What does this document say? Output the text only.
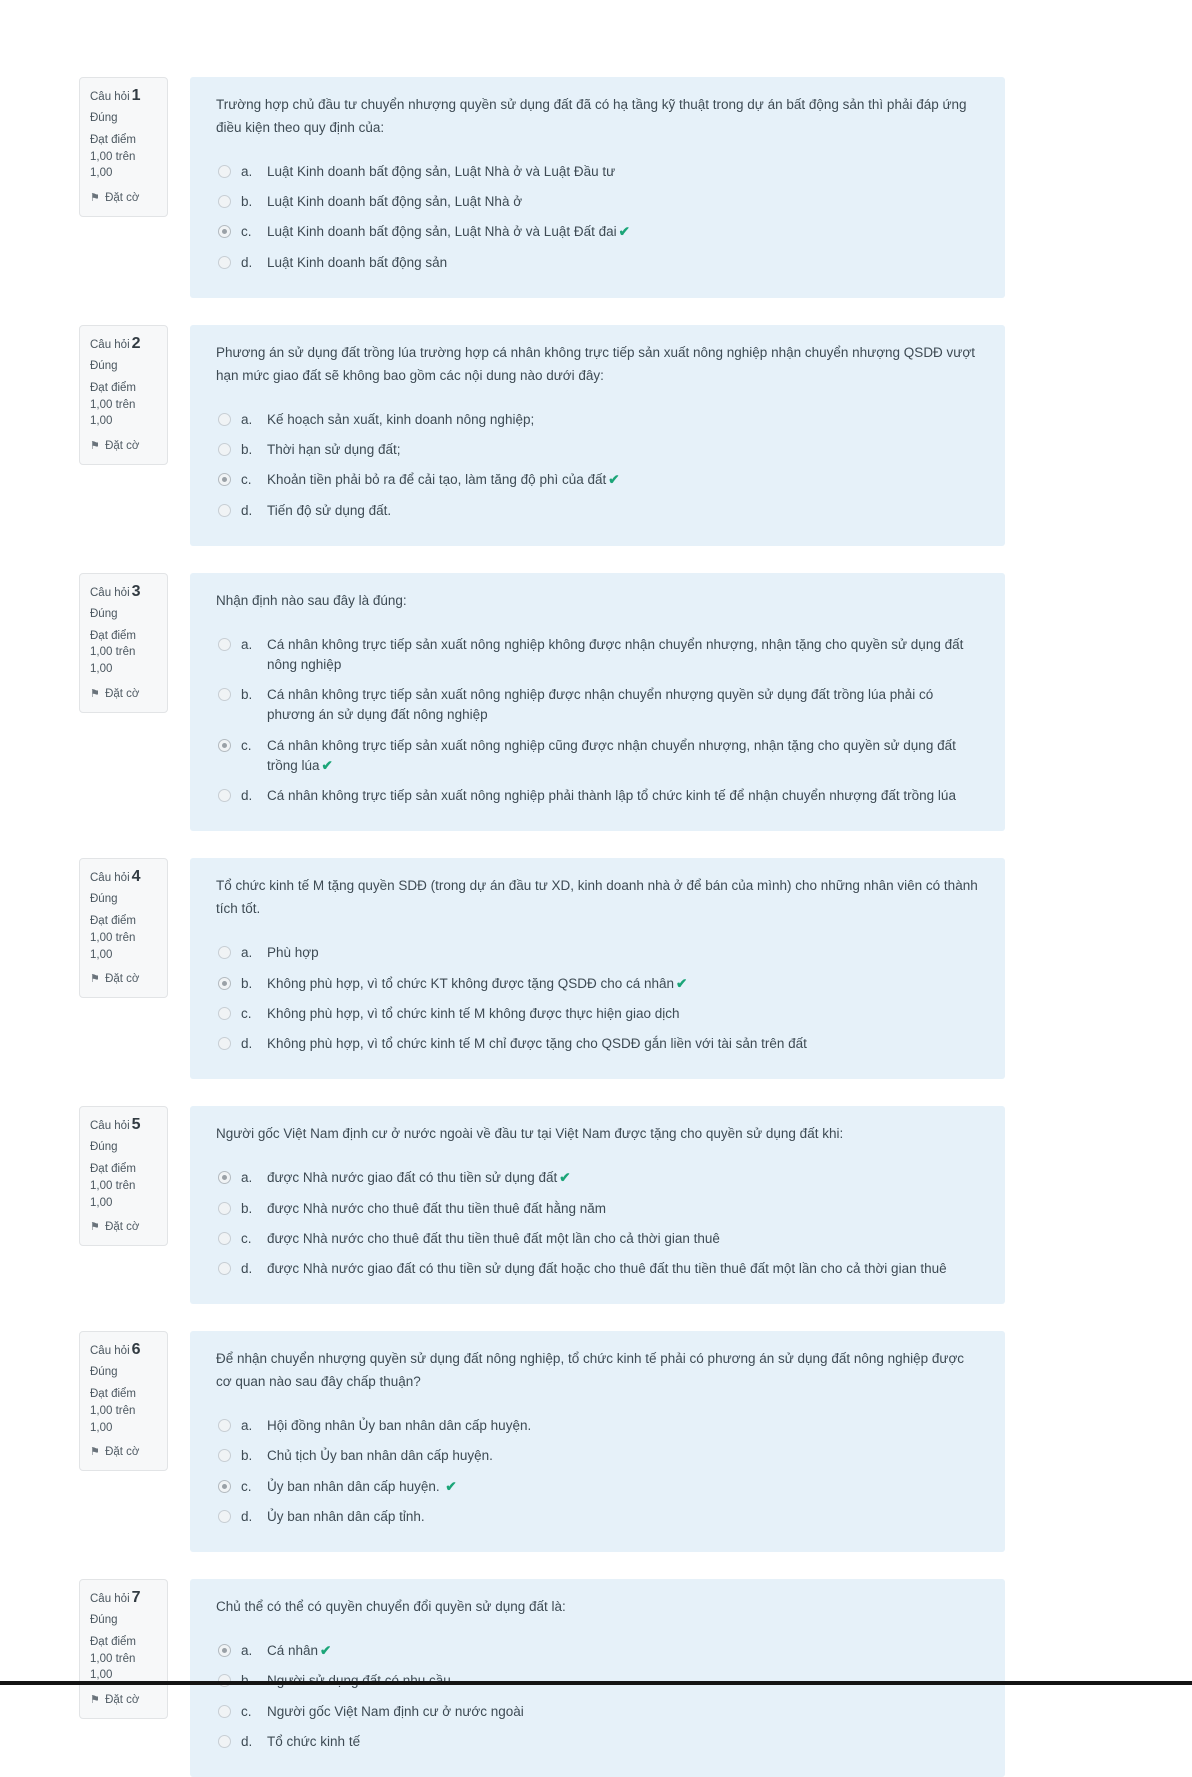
Câu hỏi 1
Đúng
Đạt điểm 1,00 trên 1,00
⚑ Đặt cờ
Trường hợp chủ đầu tư chuyển nhượng quyền sử dụng đất đã có hạ tầng kỹ thuật trong dự án bất động sản thì phải đáp ứng điều kiện theo quy định của:
a.	Luật Kinh doanh bất động sản, Luật Nhà ở và Luật Đầu tư
b.	Luật Kinh doanh bất động sản, Luật Nhà ở
c.	Luật Kinh doanh bất động sản, Luật Nhà ở và Luật Đất đai ✔
d.	Luật Kinh doanh bất động sản
Câu hỏi 2
Đúng
Đạt điểm 1,00 trên 1,00
⚑ Đặt cờ
Phương án sử dụng đất trồng lúa trường hợp cá nhân không trực tiếp sản xuất nông nghiệp nhận chuyển nhượng QSDĐ vượt hạn mức giao đất sẽ không bao gồm các nội dung nào dưới đây:
a.	Kế hoạch sản xuất, kinh doanh nông nghiệp;
b.	Thời hạn sử dụng đất;
c.	Khoản tiền phải bỏ ra để cải tạo, làm tăng độ phì của đất ✔
d.	Tiến độ sử dụng đất.
Câu hỏi 3
Đúng
Đạt điểm 1,00 trên 1,00
⚑ Đặt cờ
Nhận định nào sau đây là đúng:
a.	Cá nhân không trực tiếp sản xuất nông nghiệp không được nhận chuyển nhượng, nhận tặng cho quyền sử dụng đất nông nghiệp
b.	Cá nhân không trực tiếp sản xuất nông nghiệp được nhận chuyển nhượng quyền sử dụng đất trồng lúa phải có phương án sử dụng đất nông nghiệp
c.	Cá nhân không trực tiếp sản xuất nông nghiệp cũng được nhận chuyển nhượng, nhận tặng cho quyền sử dụng đất trồng lúa ✔
d.	Cá nhân không trực tiếp sản xuất nông nghiệp phải thành lập tổ chức kinh tế để nhận chuyển nhượng đất trồng lúa
Câu hỏi 4
Đúng
Đạt điểm 1,00 trên 1,00
⚑ Đặt cờ
Tổ chức kinh tế M tặng quyền SDĐ (trong dự án đầu tư XD, kinh doanh nhà ở để bán của mình) cho những nhân viên có thành tích tốt.
a.	Phù hợp
b.	Không phù hợp, vì tổ chức KT không được tặng QSDĐ cho cá nhân ✔
c.	Không phù hợp, vì tổ chức kinh tế M không được thực hiện giao dịch
d.	Không phù hợp, vì tổ chức kinh tế M chỉ được tặng cho QSDĐ gắn liền với tài sản trên đất
Câu hỏi 5
Đúng
Đạt điểm 1,00 trên 1,00
⚑ Đặt cờ
Người gốc Việt Nam định cư ở nước ngoài về đầu tư tại Việt Nam được tặng cho quyền sử dụng đất khi:
a.	được Nhà nước giao đất có thu tiền sử dụng đất ✔
b.	được Nhà nước cho thuê đất thu tiền thuê đất hằng năm
c.	được Nhà nước cho thuê đất thu tiền thuê đất một lần cho cả thời gian thuê
d.	được Nhà nước giao đất có thu tiền sử dụng đất hoặc cho thuê đất thu tiền thuê đất một lần cho cả thời gian thuê
Câu hỏi 6
Đúng
Đạt điểm 1,00 trên 1,00
⚑ Đặt cờ
Để nhận chuyển nhượng quyền sử dụng đất nông nghiệp, tổ chức kinh tế phải có phương án sử dụng đất nông nghiệp được cơ quan nào sau đây chấp thuận?
a.	Hội đồng nhân Ủy ban nhân dân cấp huyện.
b.	Chủ tịch Ủy ban nhân dân cấp huyện.
c.	Ủy ban nhân dân cấp huyện. ✔
d.	Ủy ban nhân dân cấp tỉnh.
Câu hỏi 7
Đúng
Đạt điểm 1,00 trên 1,00
⚑ Đặt cờ
Chủ thể có thể có quyền chuyển đổi quyền sử dụng đất là:
a.	Cá nhân ✔
c.	Người gốc Việt Nam định cư ở nước ngoài
d.	Tổ chức kinh tế
